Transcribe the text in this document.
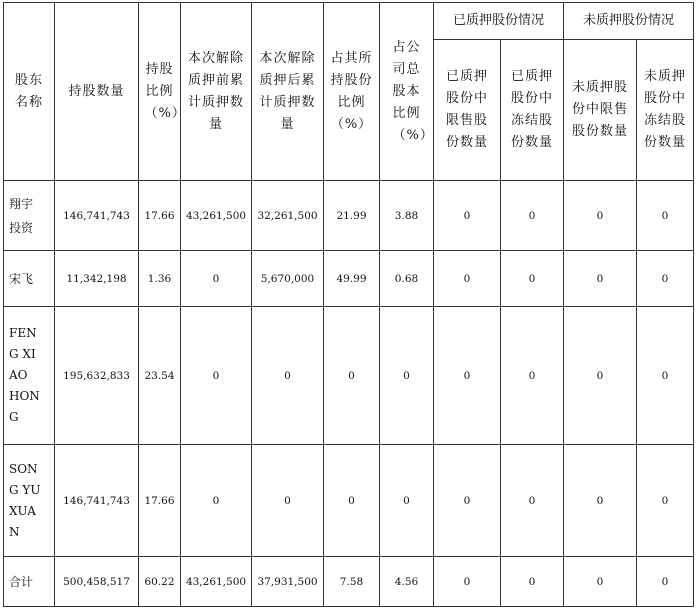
股东名称	持股数量	持股比例（%）	本次解除质押前累计质押数量	本次解除质押后累计质押数量	占其所持股份比例（%）	占公司总股本比例（%）	已质押股份情况		未质押股份情况	
							已质押股份中限售股份数量	已质押股份中冻结股份数量	未质押股份中限售股份数量	未质押股份中冻结股份数量
翔宇投资	146,741,743	17.66	43,261,500	32,261,500	21.99	3.88	0	0	0	0
宋飞	11,342,198	1.36	0	5,670,000	49.99	0.68	0	0	0	0
FENG XIAO HONG	195,632,833	23.54	0	0	0	0	0	0	0	0
SONG YU XUAN	146,741,743	17.66	0	0	0	0	0	0	0	0
合计	500,458,517	60.22	43,261,500	37,931,500	7.58	4.56	0	0	0	0
